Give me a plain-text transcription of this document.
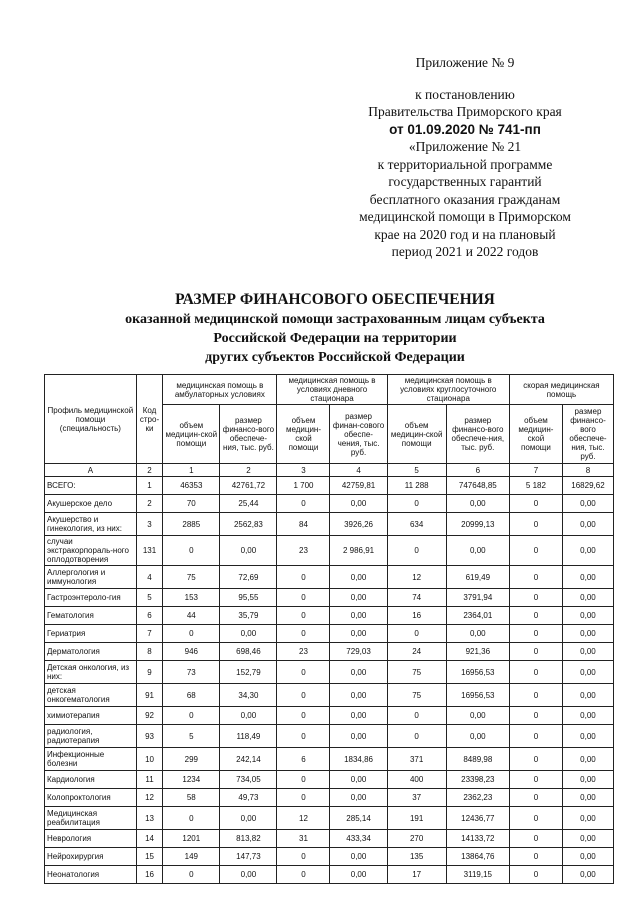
Приложение № 9
к постановлению
Правительства Приморского края
от 01.09.2020 № 741-пп
«Приложение № 21
к территориальной программе
государственных гарантий
бесплатного оказания гражданам
медицинской помощи в Приморском
крае на 2020 год и на плановый
период 2021 и 2022 годов
РАЗМЕР ФИНАНСОВОГО ОБЕСПЕЧЕНИЯ
оказанной медицинской помощи застрахованным лицам субъекта
Российской Федерации на территории
других субъектов Российской Федерации
Профиль медицинской помощи (специальность)	Код стро-ки	медицинская помощь в амбулаторных условиях		медицинская помощь в условиях дневного стационара		медицинская помощь в условиях круглосуточного стационара		скорая медицинская помощь	
		объем медицин-ской помощи	размер финансо-вого обеспече-ния, тыс. руб.	объем медицин-ской помощи	размер финан-сового обеспе-чения, тыс. руб.	объем медицин-ской помощи	размер финансо-вого обеспече-ния, тыс. руб.	объем медицин-ской помощи	размер финансо-вого обеспече-ния, тыс. руб.
А	2	1	2	3	4	5	6	7	8
ВСЕГО:	1	46353	42761,72	1 700	42759,81	11 288	747648,85	5 182	16829,62
Акушерское дело	2	70	25,44	0	0,00	0	0,00	0	0,00
Акушерство и гинекология, из них:	3	2885	2562,83	84	3926,26	634	20999,13	0	0,00
случаи экстракорпораль-ного оплодотворения	131	0	0,00	23	2 986,91	0	0,00	0	0,00
Аллергология и иммунология	4	75	72,69	0	0,00	12	619,49	0	0,00
Гастроэнтероло-гия	5	153	95,55	0	0,00	74	3791,94	0	0,00
Гематология	6	44	35,79	0	0,00	16	2364,01	0	0,00
Гериатрия	7	0	0,00	0	0,00	0	0,00	0	0,00
Дерматология	8	946	698,46	23	729,03	24	921,36	0	0,00
Детская онкология, из них:	9	73	152,79	0	0,00	75	16956,53	0	0,00
детская онкогематология	91	68	34,30	0	0,00	75	16956,53	0	0,00
химиотерапия	92	0	0,00	0	0,00	0	0,00	0	0,00
радиология, радиотерапия	93	5	118,49	0	0,00	0	0,00	0	0,00
Инфекционные болезни	10	299	242,14	6	1834,86	371	8489,98	0	0,00
Кардиология	11	1234	734,05	0	0,00	400	23398,23	0	0,00
Колопроктология	12	58	49,73	0	0,00	37	2362,23	0	0,00
Медицинская реабилитация	13	0	0,00	12	285,14	191	12436,77	0	0,00
Неврология	14	1201	813,82	31	433,34	270	14133,72	0	0,00
Нейрохирургия	15	149	147,73	0	0,00	135	13864,76	0	0,00
Неонатология	16	0	0,00	0	0,00	17	3119,15	0	0,00
